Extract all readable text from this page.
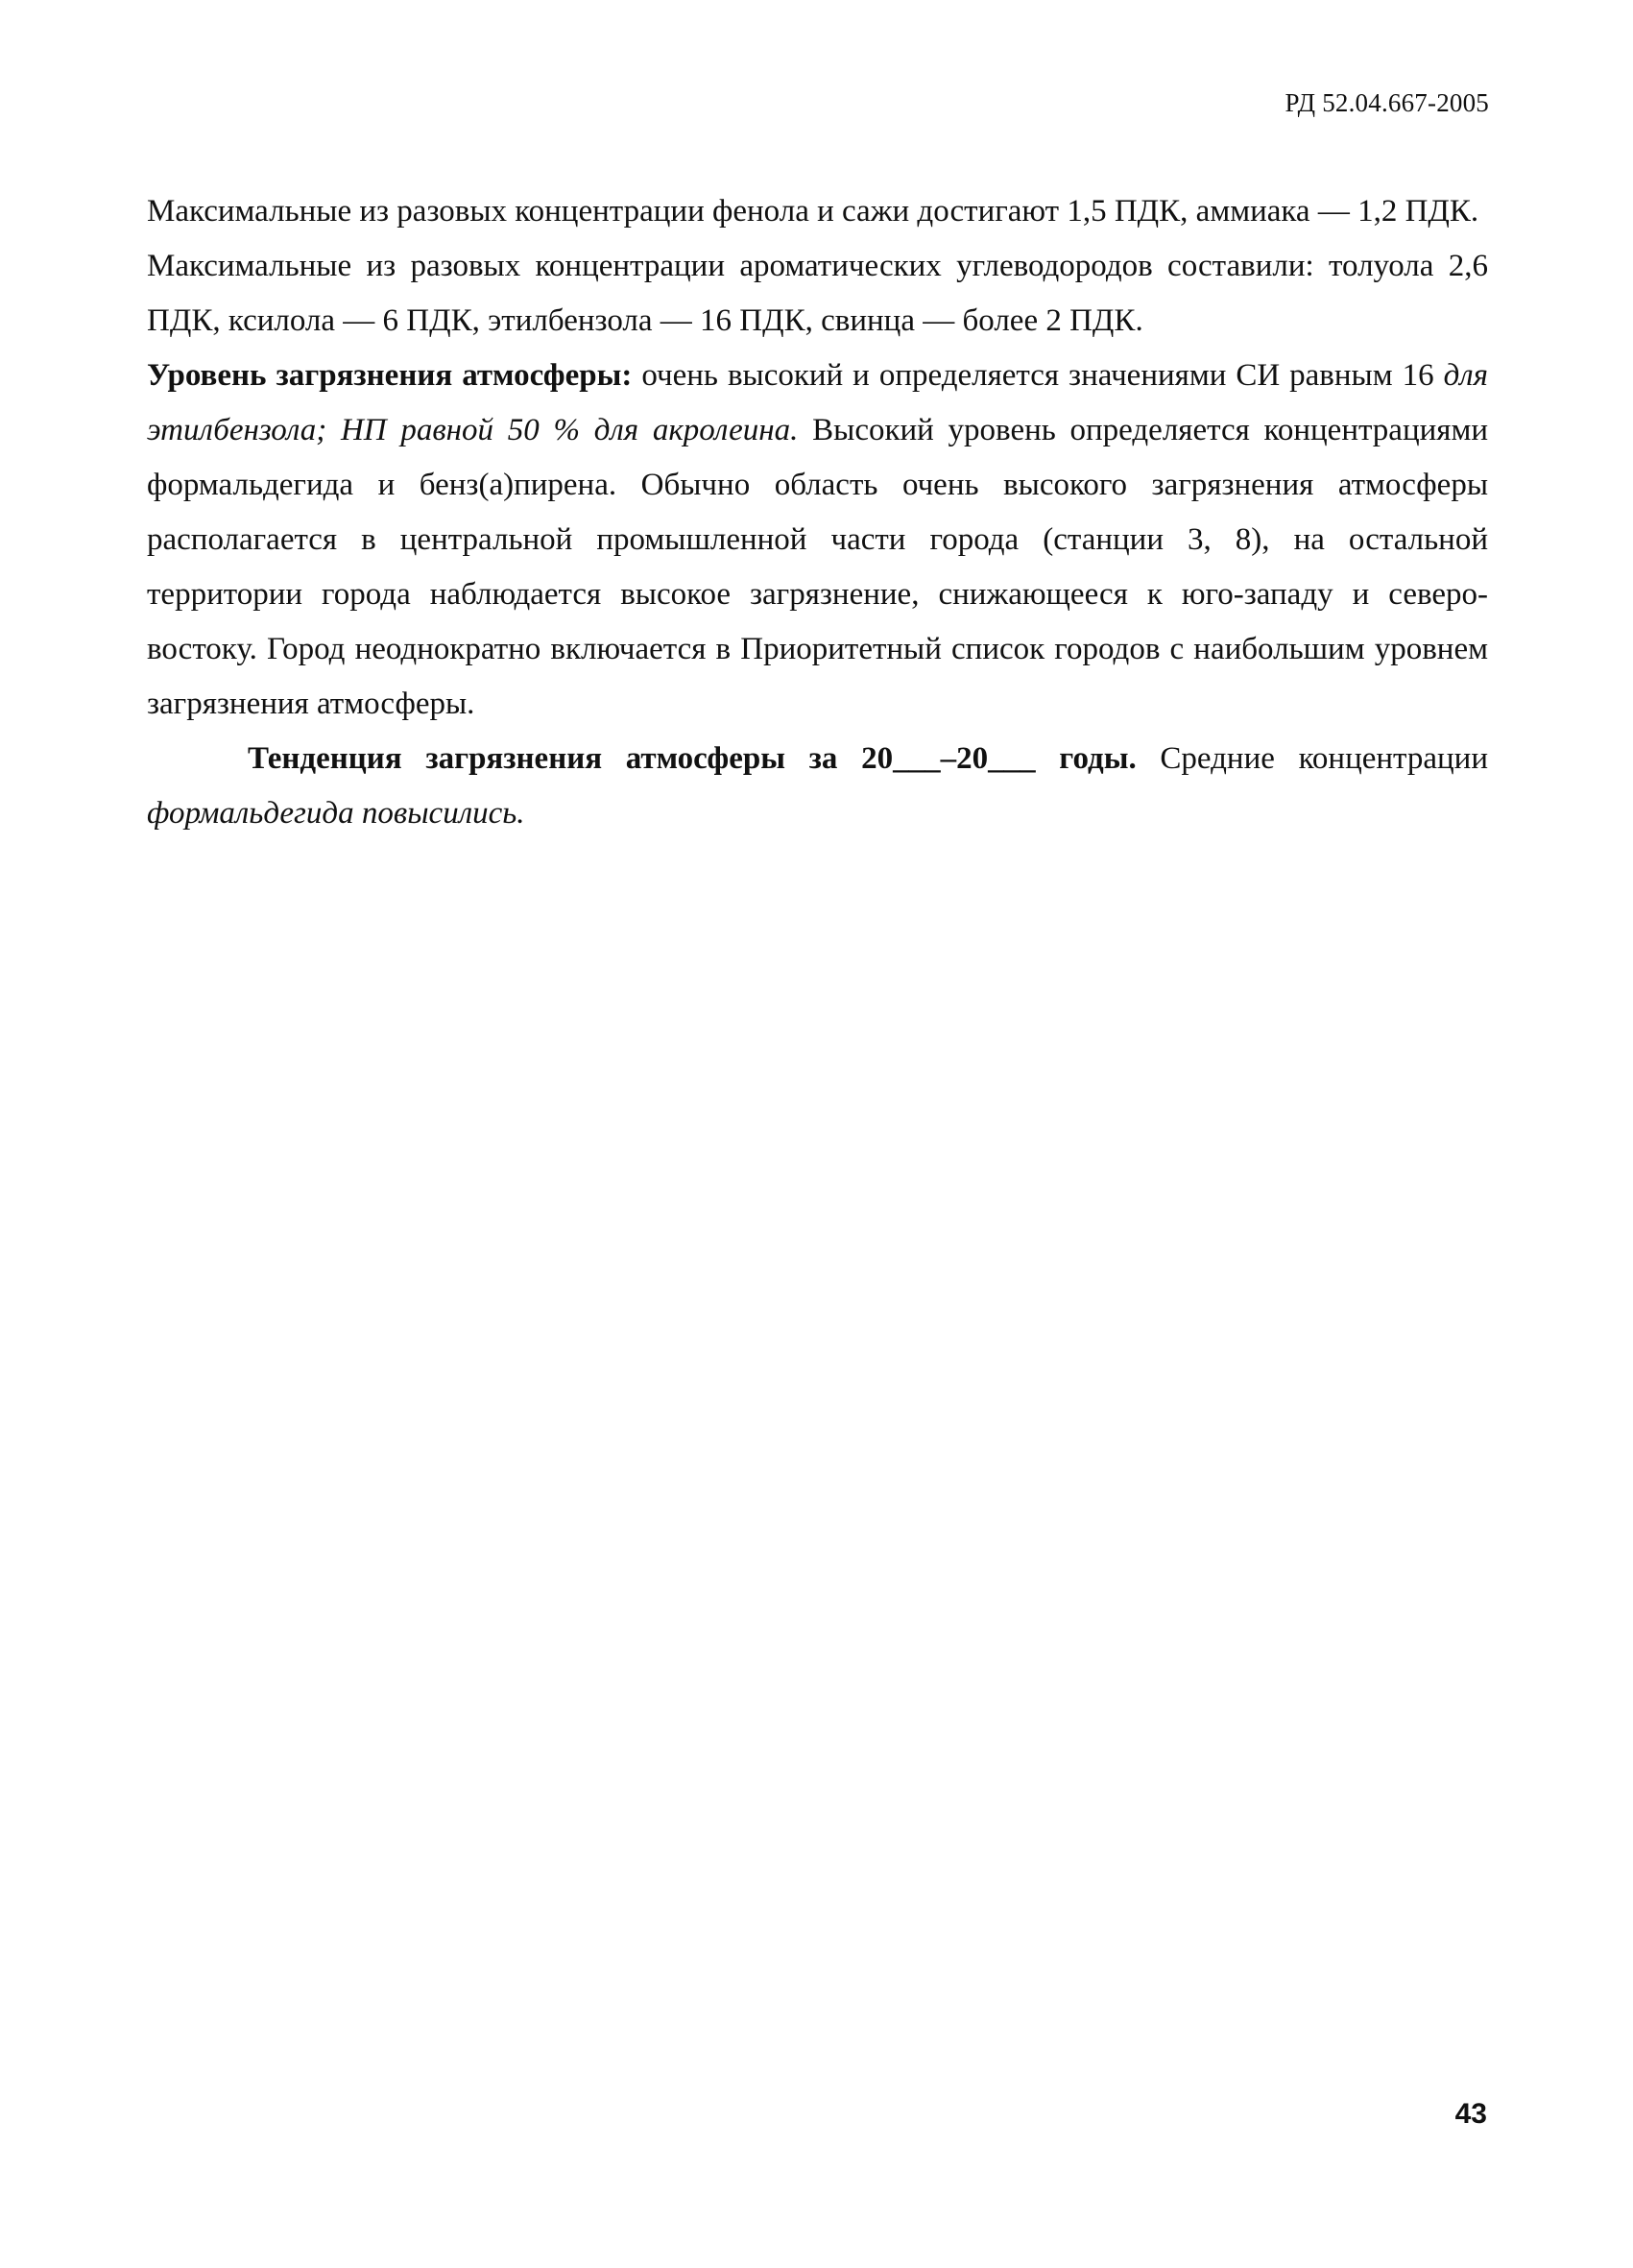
РД 52.04.667-2005

Максимальные из разовых концентрации фенола и сажи достигают 1,5 ПДК, аммиака — 1,2 ПДК.

Максимальные из разовых концентрации ароматических углеводородов составили: толуола 2,6 ПДК, ксилола — 6 ПДК, этилбензола — 16 ПДК, свинца — более 2 ПДК.

Уровень загрязнения атмосферы: очень высокий и определяется значениями СИ равным 16 для этилбензола; НП равной 50 % для акролеина. Высокий уровень определяется концентрациями формальдегида и бенз(а)пирена. Обычно область очень высокого загрязнения атмосферы располагается в центральной промышленной части города (станции 3, 8), на остальной территории города наблюдается высокое загрязнение, снижающееся к юго-западу и северо-востоку. Город неоднократно включается в Приоритетный список городов с наибольшим уровнем загрязнения атмосферы.

Тенденция загрязнения атмосферы за 20___–20___ годы. Средние концентрации формальдегида повысились.

43
